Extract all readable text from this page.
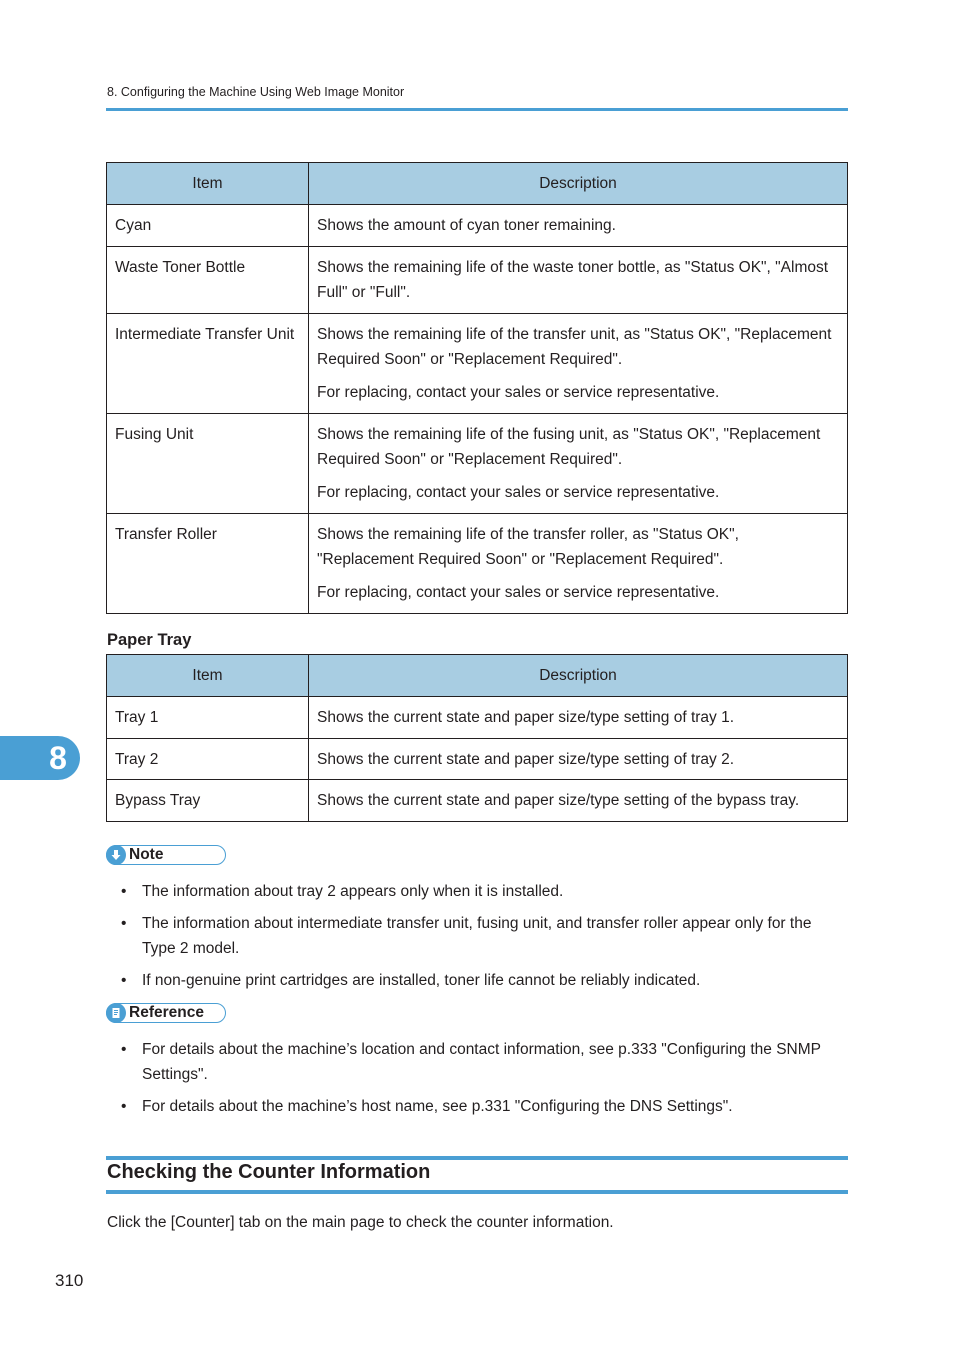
8. Configuring the Machine Using Web Image Monitor
Item	Description
Cyan	Shows the amount of cyan toner remaining.

Waste Toner Bottle	Shows the remaining life of the waste toner bottle, as "Status OK", "Almost Full" or "Full".

Intermediate Transfer Unit	Shows the remaining life of the transfer unit, as "Status OK", "Replacement Required Soon" or "Replacement Required".

For replacing, contact your sales or service representative.

Fusing Unit	Shows the remaining life of the fusing unit, as "Status OK", "Replacement Required Soon" or "Replacement Required".

For replacing, contact your sales or service representative.

Transfer Roller	Shows the remaining life of the transfer roller, as "Status OK", "Replacement Required Soon" or "Replacement Required".

For replacing, contact your sales or service representative.

Paper Tray
Item	Description
Tray 1	Shows the current state and paper size/type setting of tray 1.
Tray 2	Shows the current state and paper size/type setting of tray 2.
Bypass Tray	Shows the current state and paper size/type setting of the bypass tray.
8
Note
• The information about tray 2 appears only when it is installed.
• The information about intermediate transfer unit, fusing unit, and transfer roller appear only for the Type 2 model.
• If non-genuine print cartridges are installed, toner life cannot be reliably indicated.
Reference
• For details about the machine’s location and contact information, see p.333 "Configuring the SNMP Settings".
• For details about the machine’s host name, see p.331 "Configuring the DNS Settings".
Checking the Counter Information
Click the [Counter] tab on the main page to check the counter information.
310
